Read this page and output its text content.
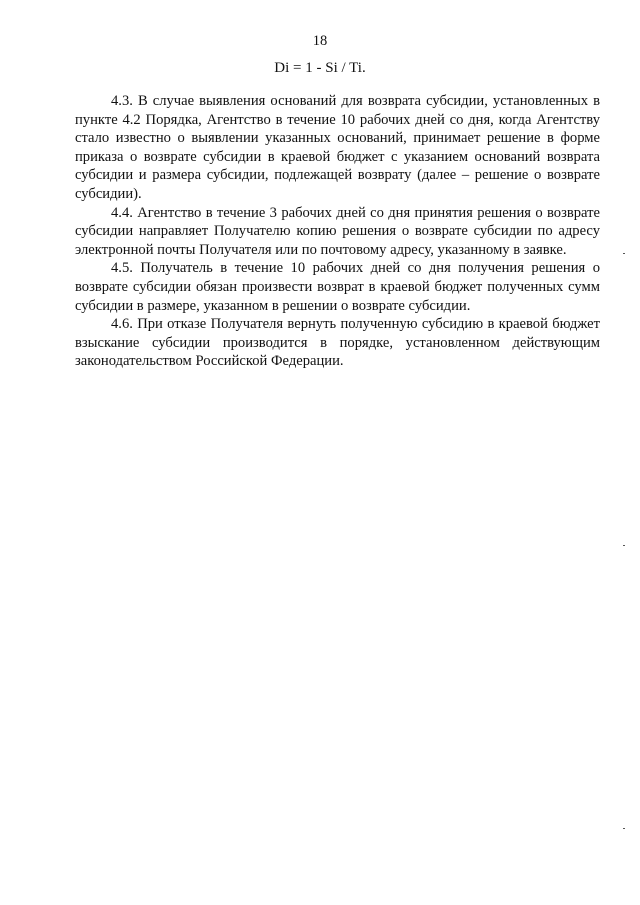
18
Di = 1 - Si / Ti.

4.3. В случае выявления оснований для возврата субсидии, установленных в пункте 4.2 Порядка, Агентство в течение 10 рабочих дней со дня, когда Агентству стало известно о выявлении указанных оснований, принимает решение в форме приказа о возврате субсидии в краевой бюджет с указанием оснований возврата субсидии и размера субсидии, подлежащей возврату (далее – решение о возврате субсидии).

4.4. Агентство в течение 3 рабочих дней со дня принятия решения о возврате субсидии направляет Получателю копию решения о возврате субсидии по адресу электронной почты Получателя или по почтовому адресу, указанному в заявке.

4.5. Получатель в течение 10 рабочих дней со дня получения решения о возврате субсидии обязан произвести возврат в краевой бюджет полученных сумм субсидии в размере, указанном в решении о возврате субсидии.

4.6. При отказе Получателя вернуть полученную субсидию в краевой бюджет взыскание субсидии производится в порядке, установленном действующим законодательством Российской Федерации.
